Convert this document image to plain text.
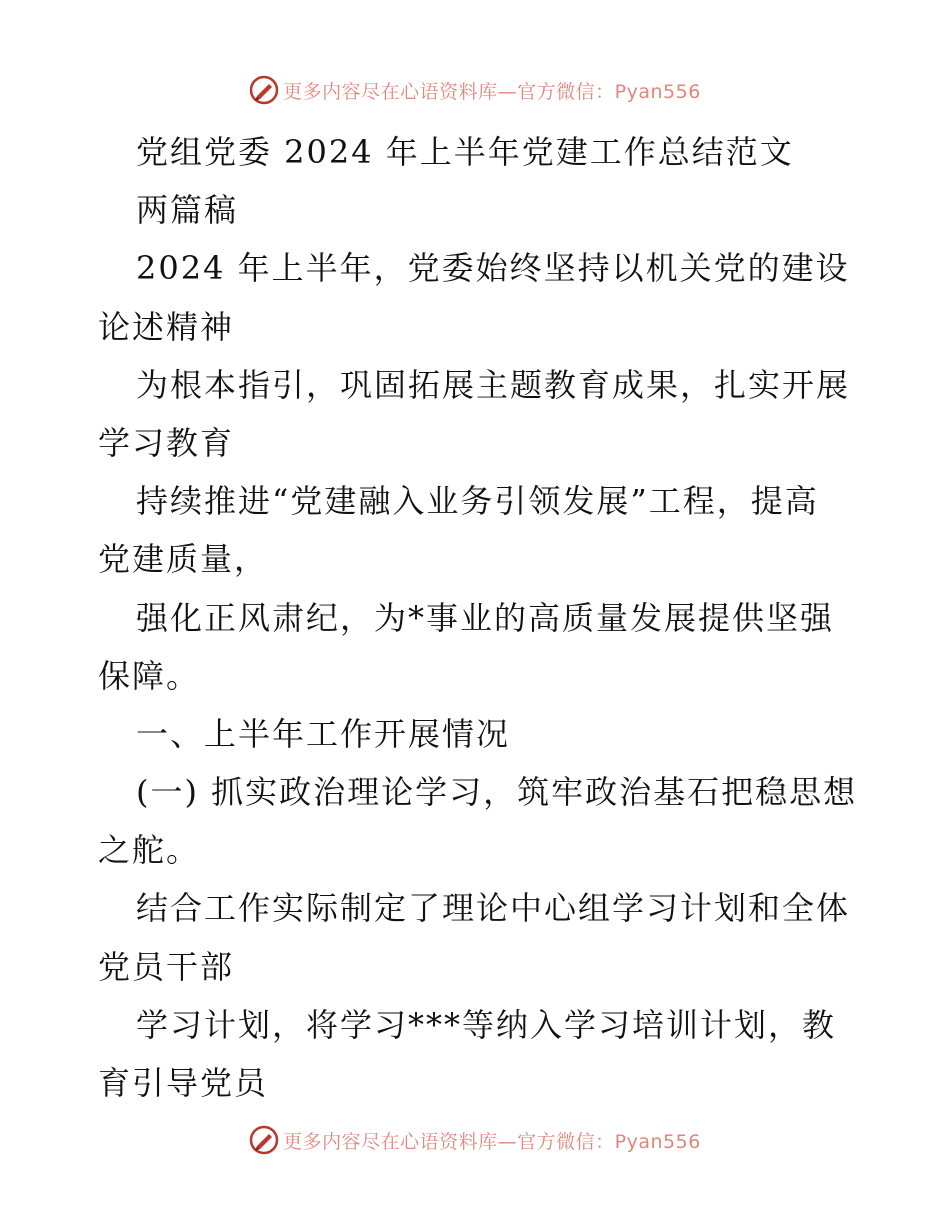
更多内容尽在心语资料库—官方微信：Pyan556
党组党委 2024 年上半年党建工作总结范文
两篇稿
2024 年上半年，党委始终坚持以机关党的建设
论述精神
为根本指引，巩固拓展主题教育成果，扎实开展
学习教育
持续推进“党建融入业务引领发展”工程，提高
党建质量，
强化正风肃纪，为*事业的高质量发展提供坚强
保障。
一、上半年工作开展情况
(一) 抓实政治理论学习，筑牢政治基石把稳思想
之舵。
结合工作实际制定了理论中心组学习计划和全体
党员干部
学习计划，将学习***等纳入学习培训计划，教
育引导党员
更多内容尽在心语资料库—官方微信：Pyan556
